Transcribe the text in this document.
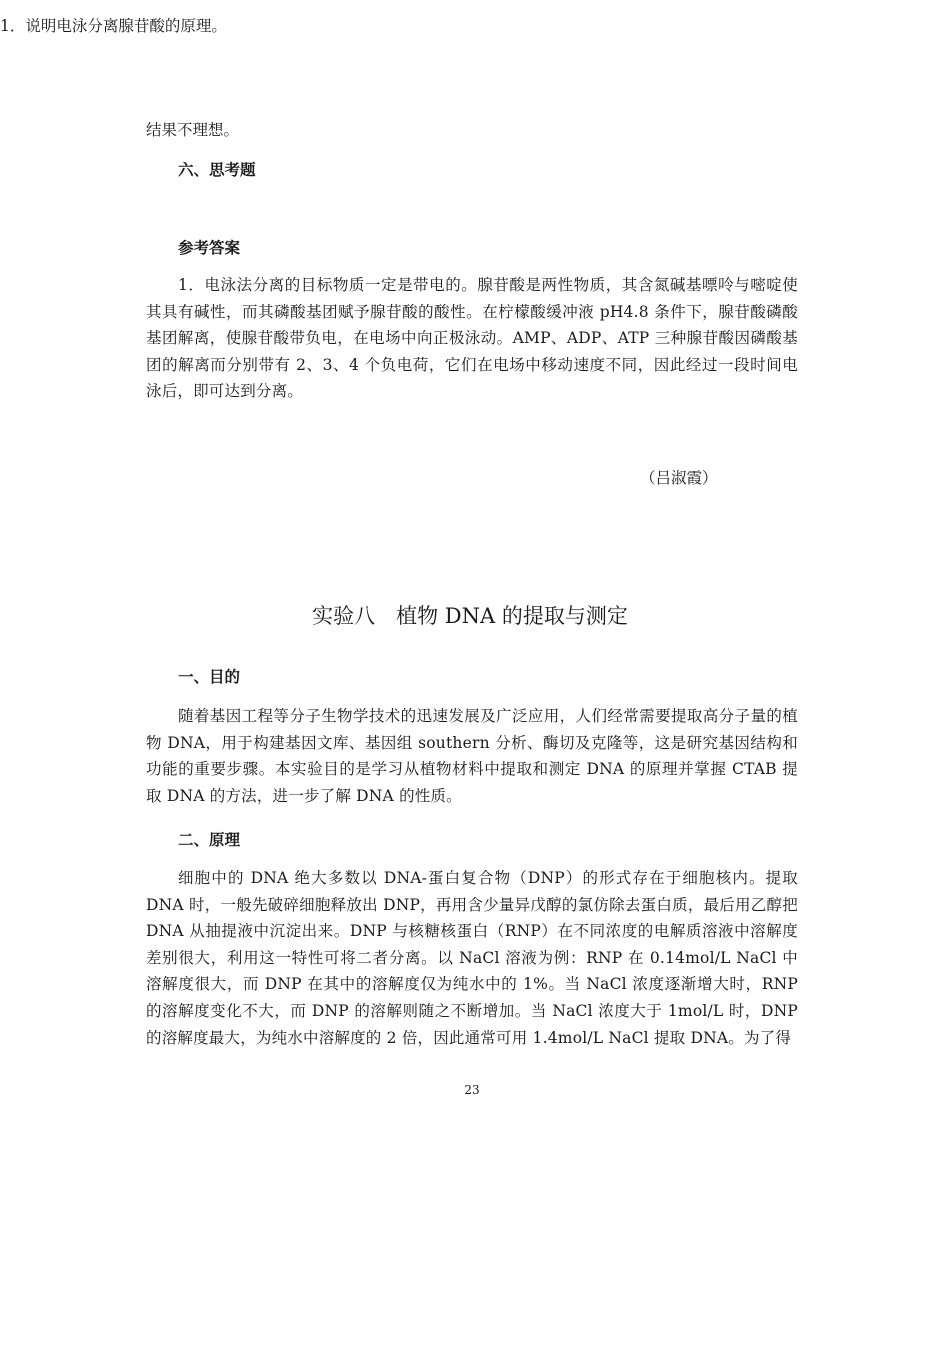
结果不理想。

六、思考题

1．说明电泳分离腺苷酸的原理。

参考答案

1．电泳法分离的目标物质一定是带电的。腺苷酸是两性物质，其含氮碱基嘌呤与嘧啶使其具有碱性，而其磷酸基团赋予腺苷酸的酸性。在柠檬酸缓冲液 pH4.8 条件下，腺苷酸磷酸基团解离，使腺苷酸带负电，在电场中向正极泳动。AMP、ADP、ATP 三种腺苷酸因磷酸基团的解离而分别带有 2、3、4 个负电荷，它们在电场中移动速度不同，因此经过一段时间电泳后，即可达到分离。

（吕淑霞）

实验八　植物 DNA 的提取与测定

一、目的

随着基因工程等分子生物学技术的迅速发展及广泛应用，人们经常需要提取高分子量的植物 DNA，用于构建基因文库、基因组 southern 分析、酶切及克隆等，这是研究基因结构和功能的重要步骤。本实验目的是学习从植物材料中提取和测定 DNA 的原理并掌握 CTAB 提取 DNA 的方法，进一步了解 DNA 的性质。

二、原理

细胞中的 DNA 绝大多数以 DNA-蛋白复合物（DNP）的形式存在于细胞核内。提取 DNA 时，一般先破碎细胞释放出 DNP，再用含少量异戊醇的氯仿除去蛋白质，最后用乙醇把 DNA 从抽提液中沉淀出来。DNP 与核糖核蛋白（RNP）在不同浓度的电解质溶液中溶解度差别很大，利用这一特性可将二者分离。以 NaCl 溶液为例：RNP 在 0.14mol/L NaCl 中溶解度很大，而 DNP 在其中的溶解度仅为纯水中的 1%。当 NaCl 浓度逐渐增大时，RNP 的溶解度变化不大，而 DNP 的溶解则随之不断增加。当 NaCl 浓度大于 1mol/L 时，DNP 的溶解度最大，为纯水中溶解度的 2 倍，因此通常可用 1.4mol/L NaCl 提取 DNA。为了得

23
